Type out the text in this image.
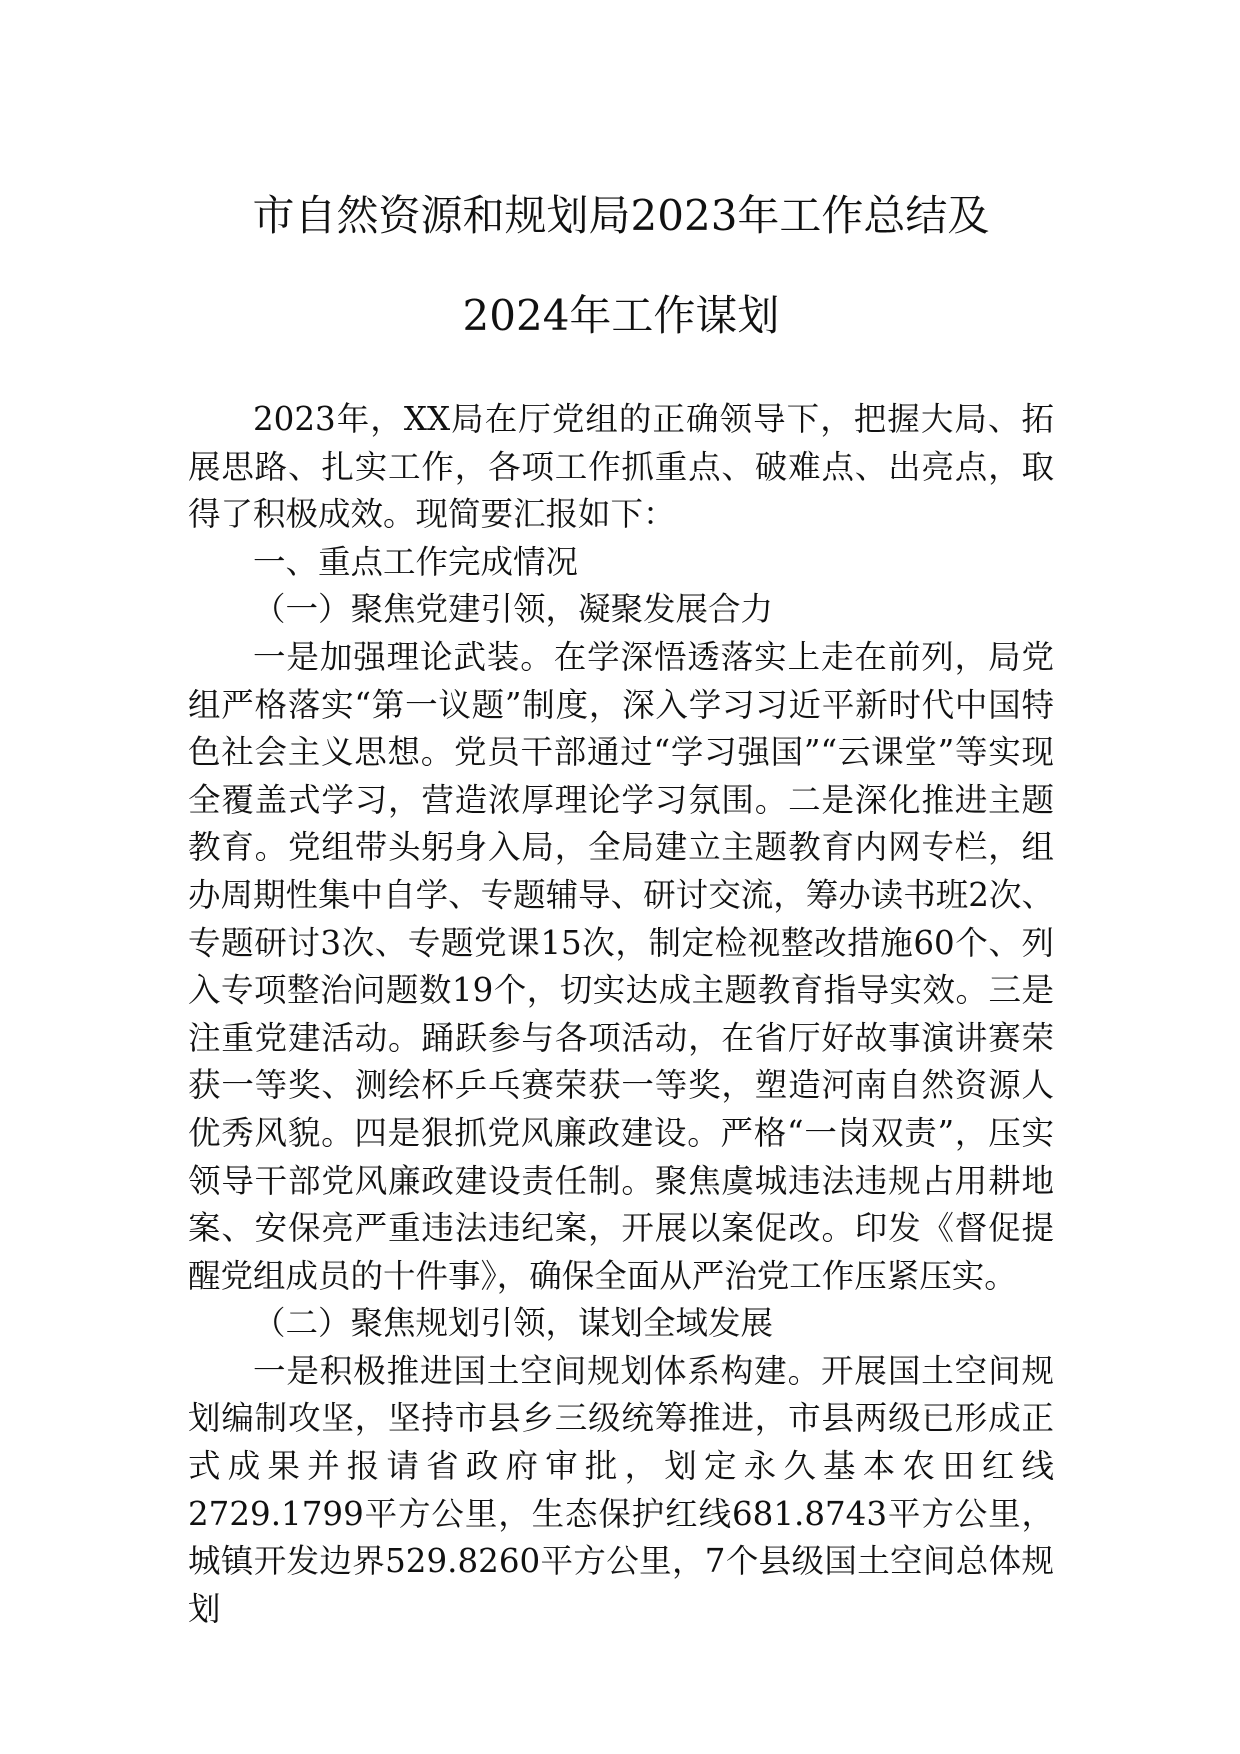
市自然资源和规划局2023年工作总结及
2024年工作谋划

2023年，XX局在厅党组的正确领导下，把握大局、拓展思路、扎实工作，各项工作抓重点、破难点、出亮点，取得了积极成效。现简要汇报如下：

一、重点工作完成情况

（一）聚焦党建引领，凝聚发展合力

一是加强理论武装。在学深悟透落实上走在前列，局党组严格落实“第一议题”制度，深入学习习近平新时代中国特色社会主义思想。党员干部通过“学习强国”“云课堂”等实现全覆盖式学习，营造浓厚理论学习氛围。二是深化推进主题教育。党组带头躬身入局，全局建立主题教育内网专栏，组办周期性集中自学、专题辅导、研讨交流，筹办读书班2次、专题研讨3次、专题党课15次，制定检视整改措施60个、列入专项整治问题数19个，切实达成主题教育指导实效。三是注重党建活动。踊跃参与各项活动，在省厅好故事演讲赛荣获一等奖、测绘杯乒乓赛荣获一等奖，塑造河南自然资源人优秀风貌。四是狠抓党风廉政建设。严格“一岗双责”，压实领导干部党风廉政建设责任制。聚焦虞城违法违规占用耕地案、安保亮严重违法违纪案，开展以案促改。印发《督促提醒党组成员的十件事》，确保全面从严治党工作压紧压实。

（二）聚焦规划引领，谋划全域发展

一是积极推进国土空间规划体系构建。开展国土空间规划编制攻坚，坚持市县乡三级统筹推进，市县两级已形成正式成果并报请省政府审批，划定永久基本农田红线2729.1799平方公里，生态保护红线681.8743平方公里，城镇开发边界529.8260平方公里，7个县级国土空间总体规划
